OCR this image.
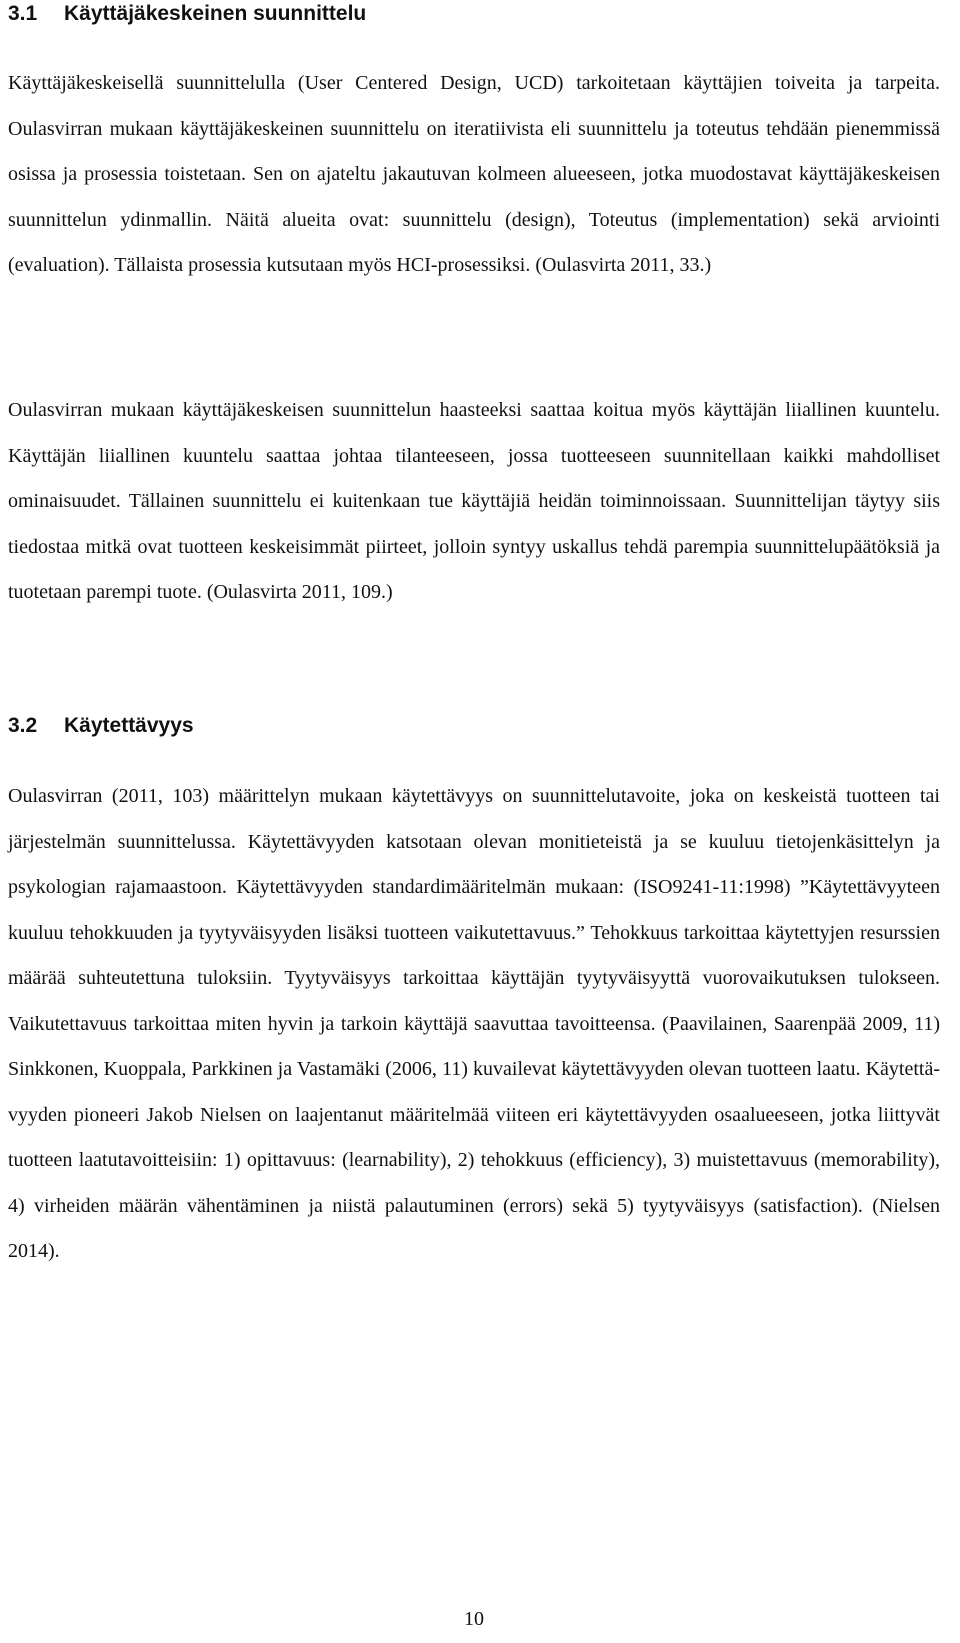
3.1 Käyttäjäkeskeinen suunnittelu

Käyttäjäkeskeisellä suunnittelulla (User Centered Design, UCD) tarkoitetaan käyttäjien toiveita ja tarpeita. Oulasvirran mukaan käyttäjäkeskeinen suunnittelu on iteratiivista eli suunnittelu ja toteutus tehdään pienemmissä osissa ja prosessia toistetaan. Sen on ajateltu jakautuvan kolmeen alueeseen, jotka muodostavat käyttäjäkeskeisen suunnittelun ydinmallin. Näitä alueita ovat: suunnittelu (design), Toteutus (implementation) sekä arviointi (evaluation). Tällaista prosessia kutsutaan myös HCI-prosessiksi. (Oulasvirta 2011, 33.)

Oulasvirran mukaan käyttäjäkeskeisen suunnittelun haasteeksi saattaa koitua myös käyttäjän liiallinen kuuntelu. Käyttäjän liiallinen kuuntelu saattaa johtaa tilanteeseen, jossa tuotteeseen suunnitellaan kaikki mahdolliset ominaisuudet. Tällainen suunnittelu ei kuitenkaan tue käyttäjiä heidän toiminnoissaan. Suunnittelijan täytyy siis tiedostaa mitkä ovat tuotteen keskeisimmät piirteet, jolloin syntyy uskallus tehdä parempia suunnittelupäätöksiä ja tuotetaan parempi tuote. (Oulasvirta 2011, 109.)

3.2 Käytettävyys

Oulasvirran (2011, 103) määrittelyn mukaan käytettävyys on suunnittelutavoite, joka on keskeistä tuotteen tai järjestelmän suunnittelussa. Käytettävyyden katsotaan olevan monitieteistä ja se kuuluu tietojenkäsittelyn ja psykologian rajamaastoon. Käytettävyyden standardimääritelmän mukaan: (ISO9241-11:1998) ”Käytettävyyteen kuuluu tehokkuuden ja tyytyväisyyden lisäksi tuotteen vaikutettavuus.” Tehokkuus tarkoittaa käytettyjen resurssien määrää suhteutettuna tuloksiin. Tyytyväisyys tarkoittaa käyttäjän tyytyväisyyttä vuorovaikutuksen tulokseen. Vaikutettavuus tarkoittaa miten hyvin ja tarkoin käyttäjä saavuttaa tavoitteensa. (Paavilainen, Saarenpää 2009, 11) Sinkkonen, Kuoppala, Parkkinen ja Vastamäki (2006, 11) kuvailevat käytettävyyden olevan tuotteen laatu. Käytettävyyden pioneeri Jakob Nielsen on laajentanut määritelmää viiteen eri käytettävyyden osaalueeseen, jotka liittyvät tuotteen laatutavoitteisiin: 1) opittavuus: (learnability), 2) tehokkuus (efficiency), 3) muistettavuus (memorability), 4) virheiden määrän vähentäminen ja niistä palautuminen (errors) sekä 5) tyytyväisyys (satisfaction). (Nielsen 2014).

10
